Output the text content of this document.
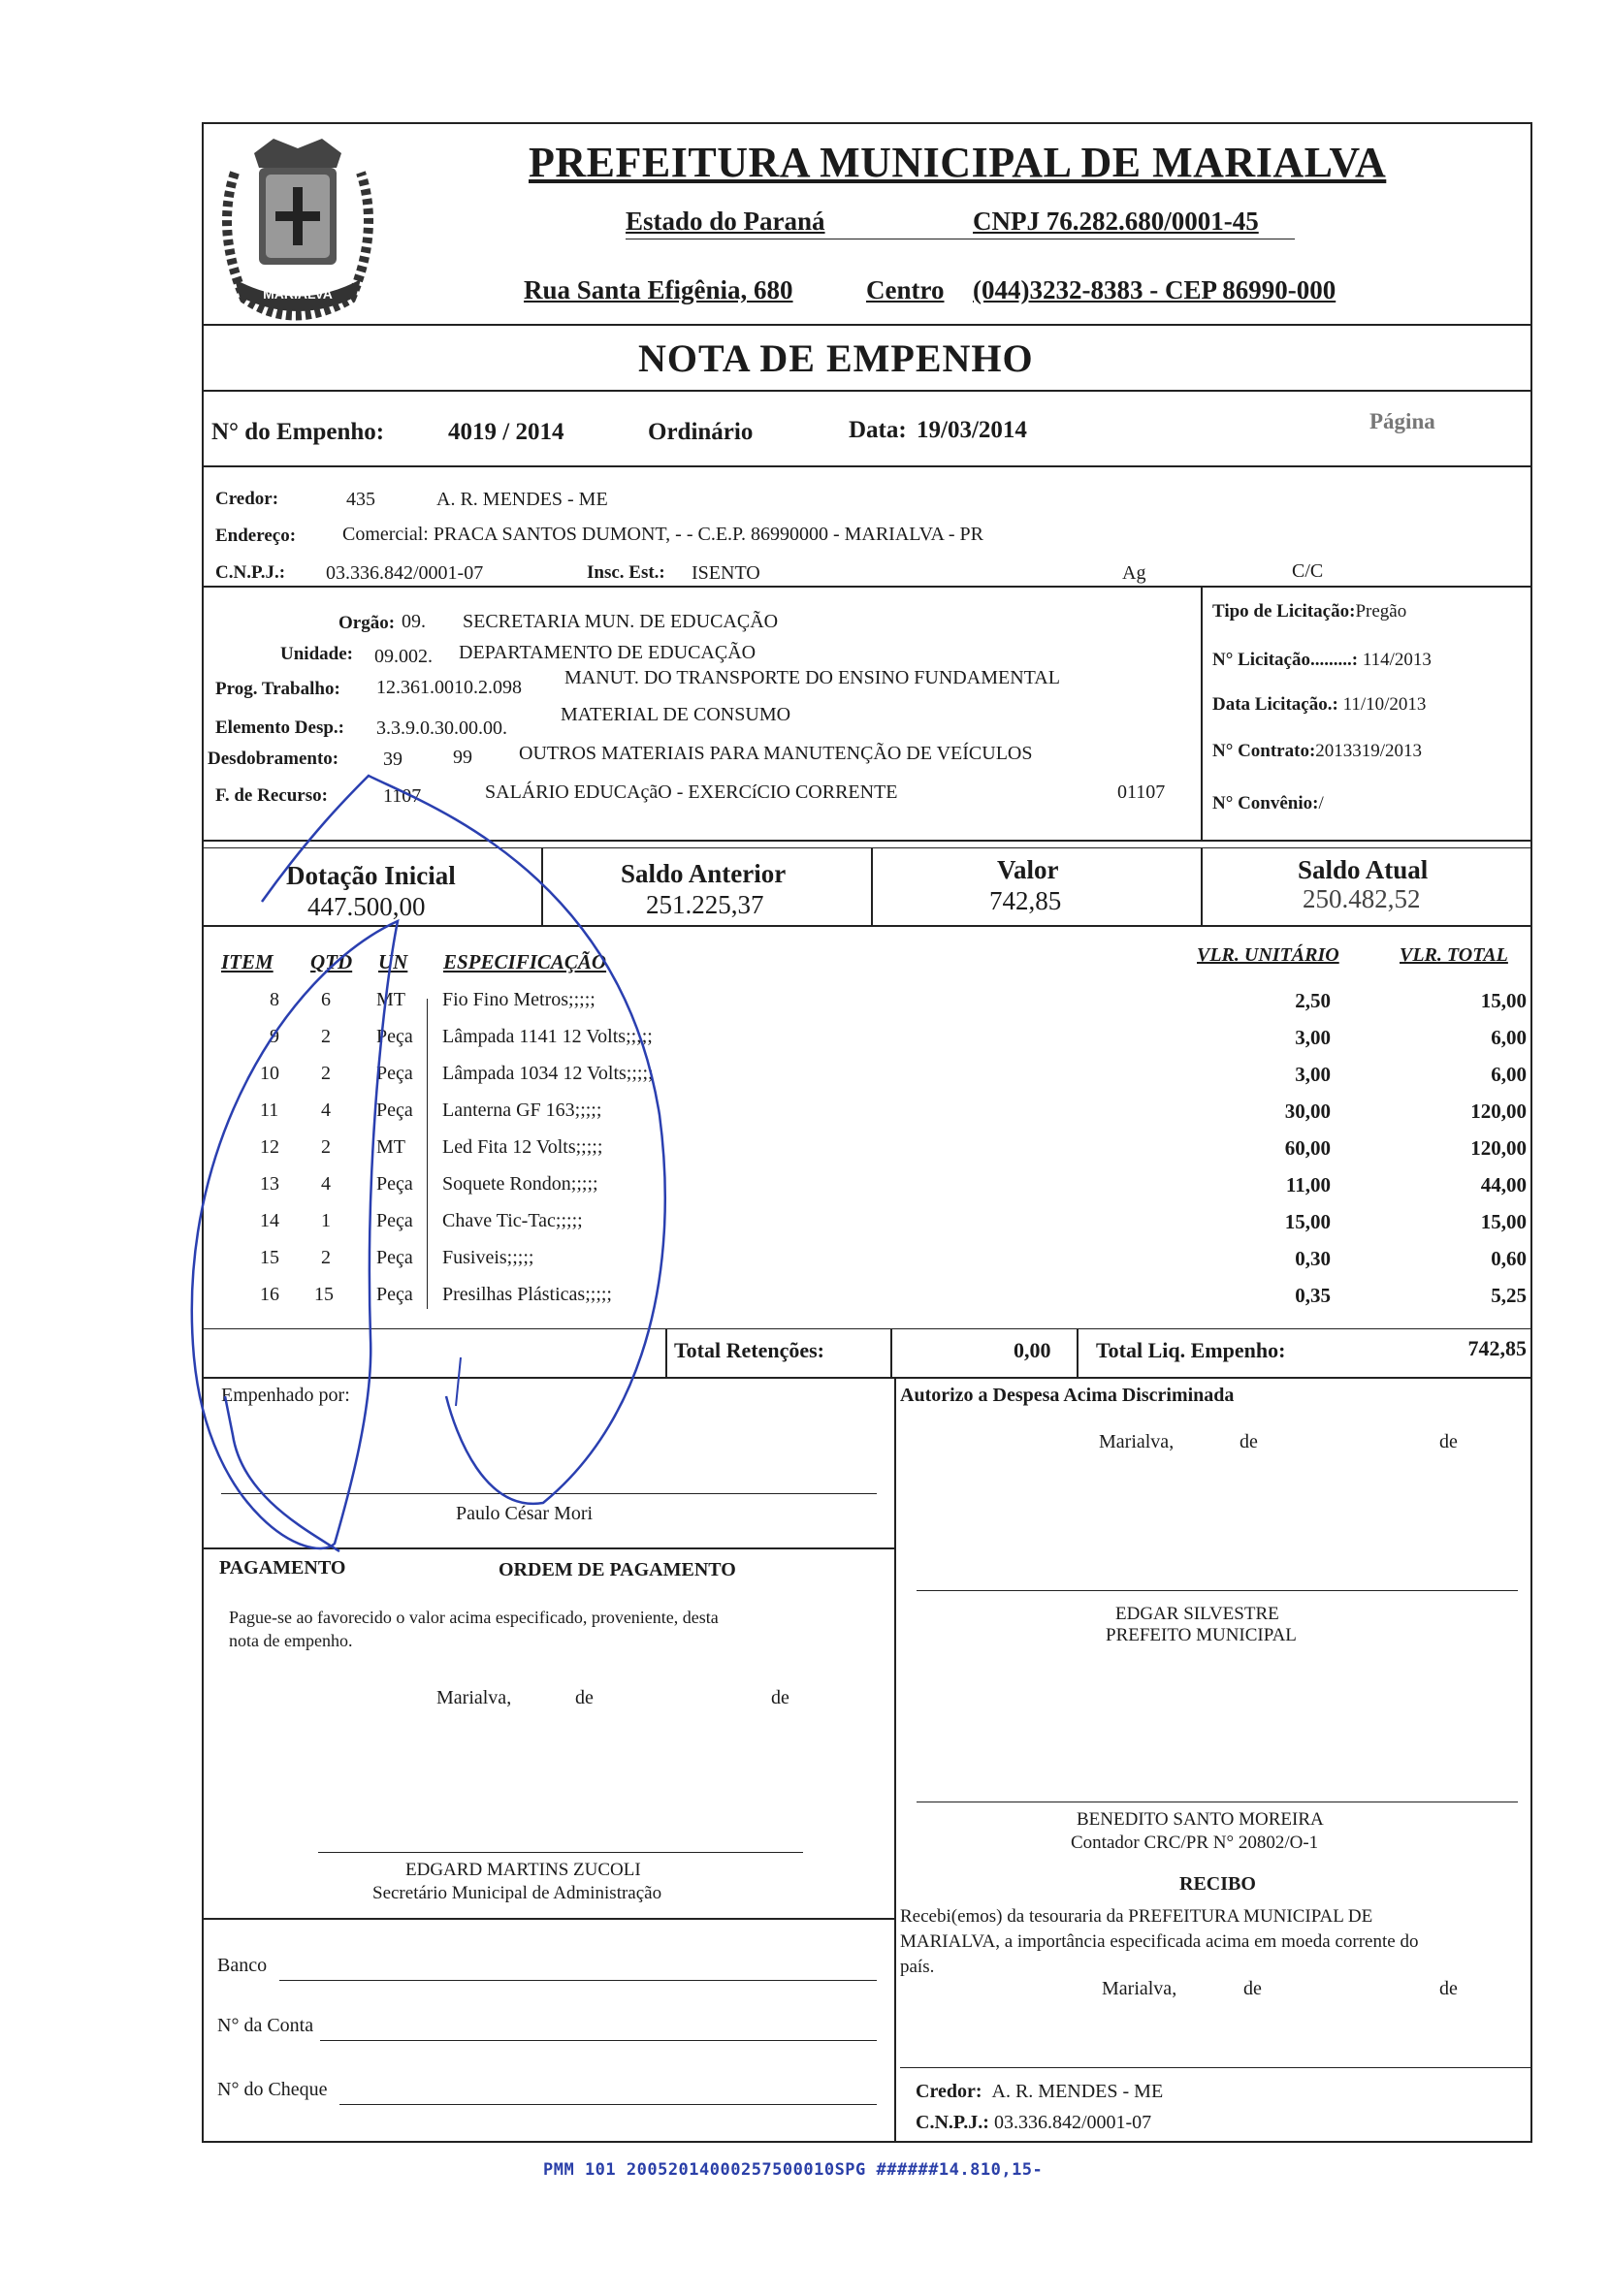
MARIALVA
PREFEITURA MUNICIPAL DE MARIALVA
Estado do Paraná	CNPJ 76.282.680/0001-45
Rua Santa Efigênia, 680	Centro (044)3232-8383 - CEP 86990-000
NOTA DE EMPENHO
N° do Empenho:	4019 / 2014	Ordinário	Data: 19/03/2014	Página
Credor:	435	A. R. MENDES - ME
Endereço: Comercial: PRACA SANTOS DUMONT, - - C.E.P. 86990000 - MARIALVA - PR
C.N.P.J.: 03.336.842/0001-07	Insc. Est.: ISENTO	Ag	C/C
Orgão: 09. SECRETARIA MUN. DE EDUCAÇÃO
Unidade: 09.002. DEPARTAMENTO DE EDUCAÇÃO
Prog. Trabalho: 12.361.0010.2.098 MANUT. DO TRANSPORTE DO ENSINO FUNDAMENTAL
Elemento Desp.: 3.3.9.0.30.00.00.
MATERIAL DE CONSUMO
Desdobramento: 39	99 OUTROS MATERIAIS PARA MANUTENÇÃO DE VEÍCULOS
F. de Recurso:	1107	SALÁRIO EDUCAçãO - EXERCíCIO CORRENTE	01107
Tipo de Licitação:Pregão
N° Licitação.........: 114/2013
Data Licitação.: 11/10/2013
N° Contrato:2013319/2013
N° Convênio:/
Dotação Inicial
447.500,00
Saldo Anterior
251.225,37
Valor
742,85
Saldo Atual
250.482,52
ITEM QTD UN ESPECIFICAÇÃO	VLR. UNITÁRIO	VLR. TOTAL
8 6 MT Fio Fino Metros;;;;;	2,50	15,00
9 2 Peça Lâmpada 1141 12 Volts;;;;;	3,00	6,00
10 2 Peça Lâmpada 1034 12 Volts;;;;;	3,00	6,00
11 4 Peça Lanterna GF 163;;;;;	30,00	120,00
12 2 MT Led Fita 12 Volts;;;;;	60,00	120,00
13 4 Peça Soquete Rondon;;;;;	11,00	44,00
14 1 Peça Chave Tic-Tac;;;;;	15,00	15,00
15 2 Peça Fusiveis;;;;;	0,30	0,60
16 15 Peça Presilhas Plásticas;;;;;	0,35	5,25
Total Retenções:	0,00 Total Liq. Empenho:	742,85
Empenhado por:
Paulo César Mori
Autorizo a Despesa Acima Discriminada
Marialva,	de	de
PAGAMENTO	ORDEM DE PAGAMENTO
Pague-se ao favorecido o valor acima especificado, proveniente, desta
nota de empenho.
Marialva,	de	de
EDGAR SILVESTRE
PREFEITO MUNICIPAL
BENEDITO SANTO MOREIRA
Contador CRC/PR N° 20802/O-1
RECIBO
Recebi(emos) da tesouraria da PREFEITURA MUNICIPAL DE
MARIALVA, a importância especificada acima em moeda corrente do
país.
Marialva,	de	de
EDGARD MARTINS ZUCOLI
Secretário Municipal de Administração
Banco
N° da Conta
N° do Cheque	Credor: A. R. MENDES - ME
C.N.P.J.: 03.336.842/0001-07
PMM 101 20052014000257500010SPG ######14.810,15-
